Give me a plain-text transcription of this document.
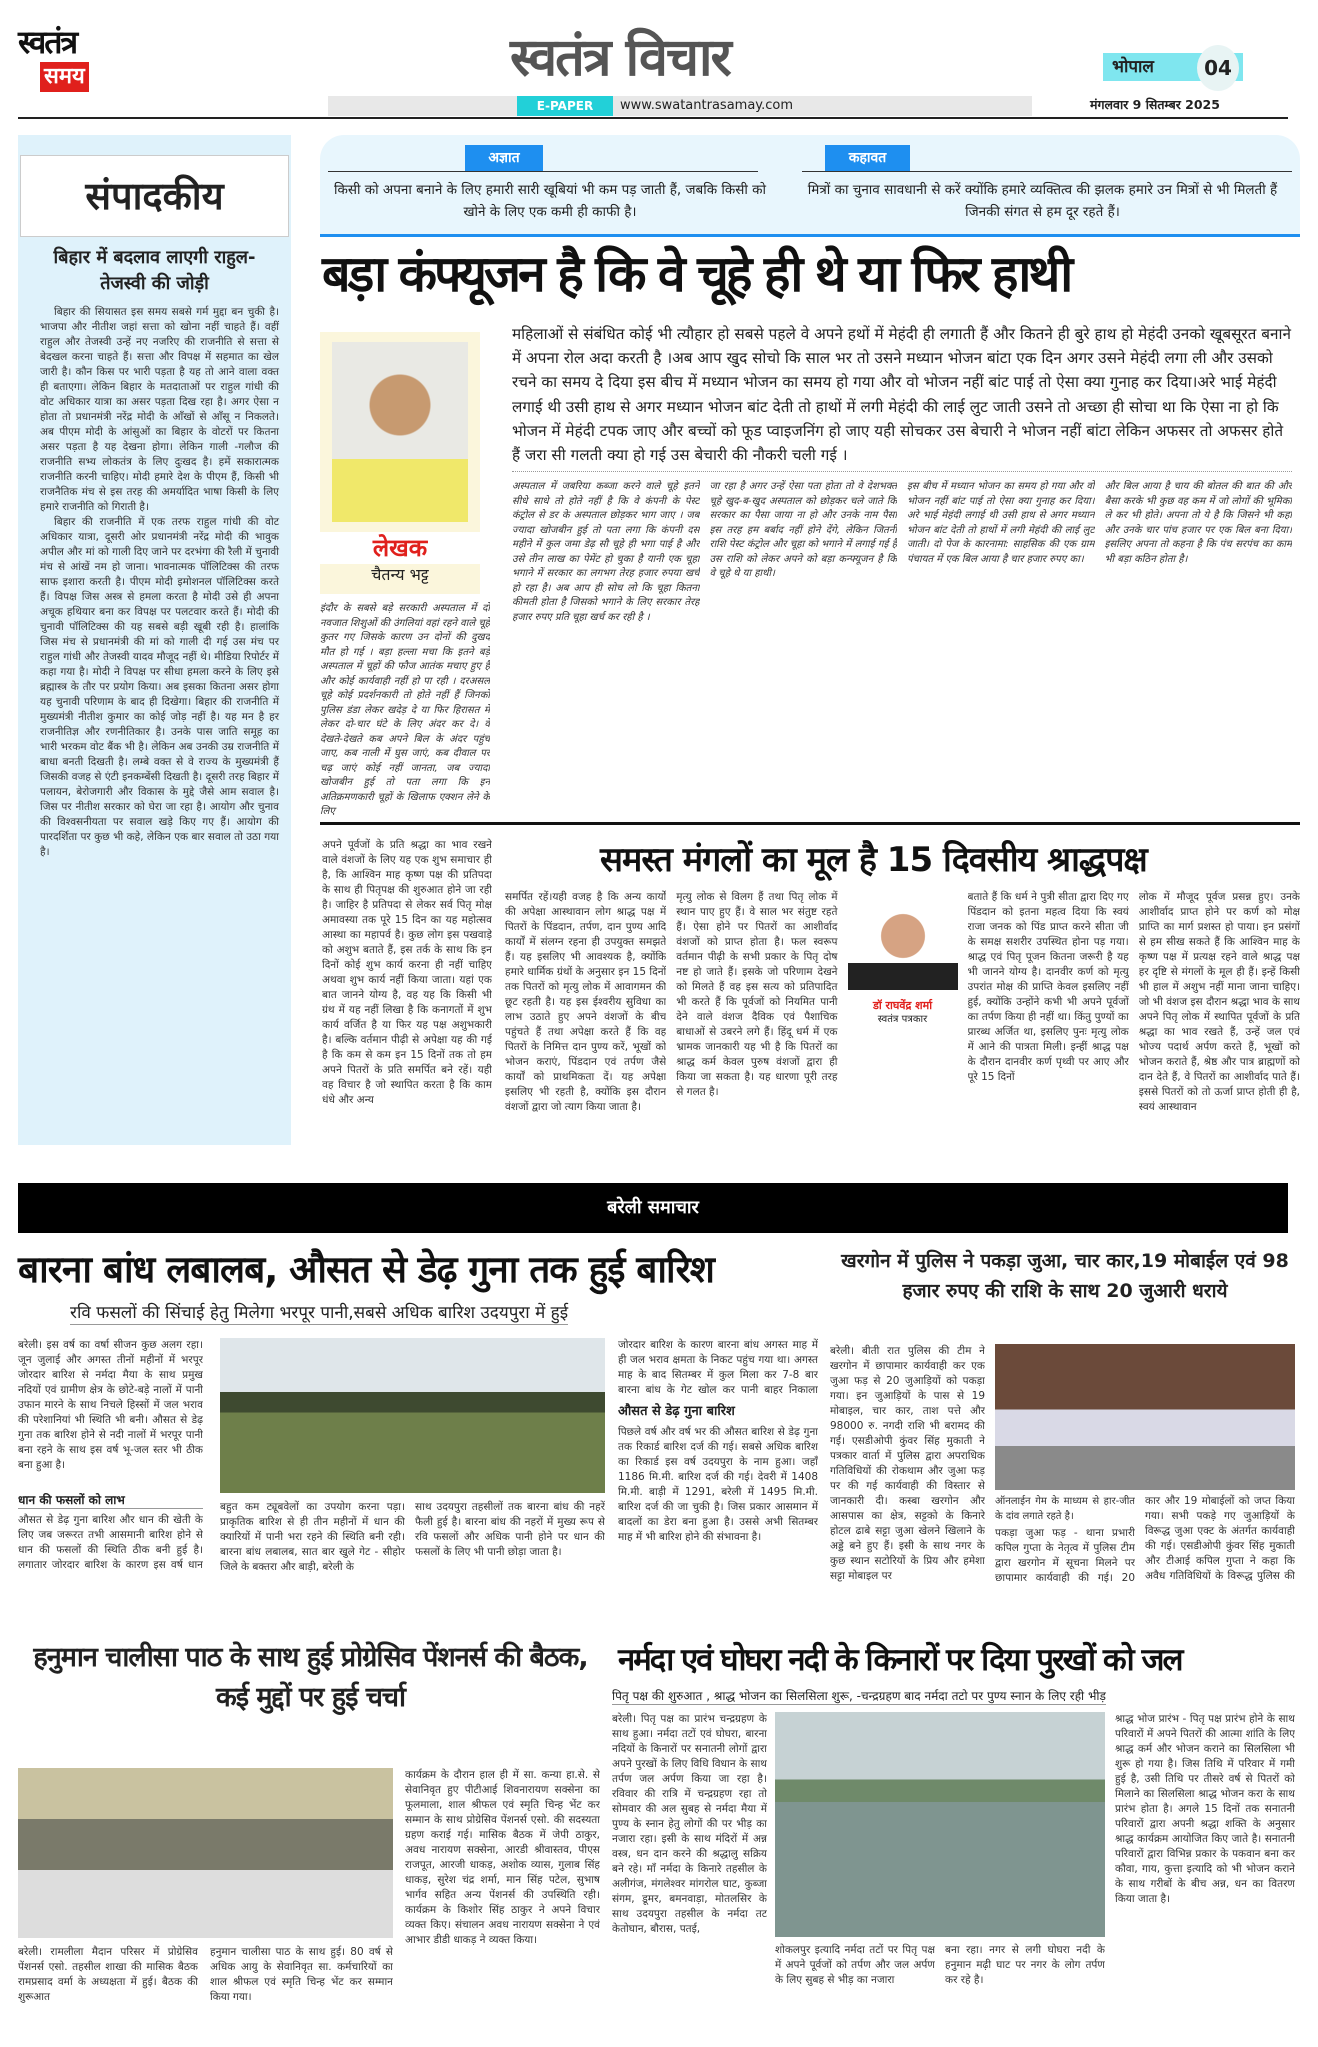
स्वतंत्र
समय	स्वतंत्र विचार
E-PAPER	www.swatantrasamay.com
भोपाल	04
मंगलवार 9 सितम्बर 2025
संपादकीय
बिहार में बदलाव लाएगी राहुल-तेजस्वी की जोड़ी

बिहार की सियासत इस समय सबसे गर्म मुद्दा बन चुकी है। भाजपा और नीतीश जहां सत्ता को खोना नहीं चाहते हैं। वहीं राहुल और तेजस्वी उन्हें नए नजरिए की राजनीति से सत्ता से बेदखल करना चाहते हैं। सत्ता और विपक्ष में सहमात का खेल जारी है। कौन किस पर भारी पड़ता है यह तो आने वाला वक्त ही बताएगा। लेकिन बिहार के मतदाताओं पर राहुल गांधी की वोट अधिकार यात्रा का असर पड़ता दिख रहा है। अगर ऐसा न होता तो प्रधानमंत्री नरेंद्र मोदी के आँखों से आँसू न निकलते। अब पीएम मोदी के आंसुओं का बिहार के वोटरों पर कितना असर पड़ता है यह देखना होगा। लेकिन गाली -गलौज की राजनीति सभ्य लोकतंत्र के लिए दुःखद है। हमें सकारात्मक राजनीति करनी चाहिए। मोदी हमारे देश के पीएम हैं, किसी भी राजनैतिक मंच से इस तरह की अमर्यादित भाषा किसी के लिए हमारे राजनीति को गिराती है।

बिहार की राजनीति में एक तरफ राहुल गांधी की वोट अधिकार यात्रा, दूसरी ओर प्रधानमंत्री नरेंद्र मोदी की भावुक अपील और मां को गाली दिए जाने पर दरभंगा की रैली में चुनावी मंच से आंखें नम हो जाना। भावनात्मक पॉलिटिक्स की तरफ साफ इशारा करती है। पीएम मोदी इमोशनल पॉलिटिक्स करते हैं। विपक्ष जिस अस्त्र से हमला करता है मोदी उसे ही अपना अचूक हथियार बना कर विपक्ष पर पलटवार करते हैं। मोदी की चुनावी पॉलिटिक्स की यह सबसे बड़ी खूबी रही है। हालांकि जिस मंच से प्रधानमंत्री की मां को गाली दी गई उस मंच पर राहुल गांधी और तेजस्वी यादव मौजूद नहीं थे। मीडिया रिपोर्टर में कहा गया है। मोदी ने विपक्ष पर सीधा हमला करने के लिए इसे ब्रह्मास्त्र के तौर पर प्रयोग किया। अब इसका कितना असर होगा यह चुनावी परिणाम के बाद ही दिखेगा। बिहार की राजनीति में मुख्यमंत्री नीतीश कुमार का कोई जोड़ नहीं है। यह मन है हर राजनीतिज्ञ और रणनीतिकार है। उनके पास जाति समूह का भारी भरकम वोट बैंक भी है। लेकिन अब उनकी उम्र राजनीति में बाधा बनती दिखती है। लम्बे वक्त से वे राज्य के मुख्यमंत्री हैं जिसकी वजह से एंटी इनकम्बेंसी दिखती है। दूसरी तरह बिहार में पलायन, बेरोजगारी और विकास के मुद्दे जैसे आम सवाल है। जिस पर नीतीश सरकार को घेरा जा रहा है। आयोग और चुनाव की विश्वसनीयता पर सवाल खड़े किए गए हैं। आयोग की पारदर्शिता पर कुछ भी कहे, लेकिन एक बार सवाल तो उठा गया है।

अज्ञात	कहावत
किसी को अपना बनाने के लिए हमारी सारी खूबियां भी कम पड़ जाती हैं, जबकि किसी को खोने के लिए एक कमी ही काफी है।
मित्रों का चुनाव सावधानी से करें क्योंकि हमारे व्यक्तित्व की झलक हमारे उन मित्रों से भी मिलती हैं जिनकी संगत से हम दूर रहते हैं।
बड़ा कंफ्यूजन है कि वे चूहे ही थे या फिर हाथी
लेखक
चैतन्य भट्ट
इंदौर के सबसे बड़े सरकारी अस्पताल में दो नवजात शिशुओं की उंगलियां वहां रहने वाले चूहे कुतर गए जिसके कारण उन दोनों की दुखद मौत हो गई । बड़ा हल्ला मचा कि इतने बड़े अस्पताल में चूहों की फौज आतंक मचाए हुए हैं और कोई कार्यवाही नहीं हो पा रही । दरअसल चूहे कोई प्रदर्शनकारी तो होते नहीं हैं जिनको पुलिस डंडा लेकर खदेड़ दे या फिर हिरासत में लेकर दो-चार घंटे के लिए अंदर कर दे। वे देखते-देखते कब अपने बिल के अंदर पहुंच जाए, कब नाली में घुस जाएं, कब दीवाल पर चढ़ जाएं कोई नहीं जानता, जब ज्यादा खोजबीन हुई तो पता लगा कि इन अतिक्रमणकारी चूहों के खिलाफ एक्शन लेने के लिए
महिलाओं से संबंधित कोई भी त्यौहार हो सबसे पहले वे अपने हथों में मेहंदी ही लगाती हैं और कितने ही बुरे हाथ हो मेहंदी उनको खूबसूरत बनाने में अपना रोल अदा करती है ।अब आप खुद सोचो कि साल भर तो उसने मध्यान भोजन बांटा एक दिन अगर उसने मेहंदी लगा ली और उसको रचने का समय दे दिया इस बीच में मध्यान भोजन का समय हो गया और वो भोजन नहीं बांट पाई तो ऐसा क्या गुनाह कर दिया।अरे भाई मेहंदी लगाई थी उसी हाथ से अगर मध्यान भोजन बांट देती तो हाथों में लगी मेहंदी की लाई लुट जाती उसने तो अच्छा ही सोचा था कि ऐसा ना हो कि भोजन में मेहंदी टपक जाए और बच्चों को फूड प्वाइजनिंग हो जाए यही सोचकर उस बेचारी ने भोजन नहीं बांटा लेकिन अफसर तो अफसर होते हैं जरा सी गलती क्या हो गई उस बेचारी की नौकरी चली गई ।
अस्पताल में जबरिया कब्जा करने वाले चूहे इतने सीधे साधे तो होते नहीं है कि वे कंपनी के पेस्ट कंट्रोल से डर के अस्पताल छोड़कर भाग जाए । जब ज्यादा खोजबीन हुई तो पता लगा कि कंपनी दस महीने में कुल जमा डेढ़ सौ चूहे ही भगा पाई है और उसे तीन लाख का पेमेंट हो चुका है यानी एक चूहा भगाने में सरकार का लगभग तेरह हजार रुपया खर्च हो रहा है। अब आप ही सोच लो कि चूहा कितना कीमती होता है जिसको भगाने के लिए सरकार तेरह हजार रुपए प्रति चूहा खर्च कर रही है ।
जा रहा है अगर उन्हें ऐसा पता होता तो वे देशभक्त चूहे खुद-ब-खुद अस्पताल को छोड़कर चले जाते कि सरकार का पैसा जाया ना हो और उनके नाम पैसा इस तरह हम बर्बाद नहीं होने देंगे, लेकिन जितनी राशि पेस्ट कंट्रोल और चूहा को भगाने में लगाई गई है उस राशि को लेकर अपने को बड़ा कन्फ्यूजन है कि वे चूहे थे या हाथी।
इस बीच में मध्यान भोजन का समय हो गया और वो भोजन नहीं बांट पाई तो ऐसा क्या गुनाह कर दिया। अरे भाई मेहंदी लगाई थी उसी हाथ से अगर मध्यान भोजन बांट देती तो हाथों में लगी मेहंदी की लाई लुट जाती। दो पेज के कारनामा: साहसिक की एक ग्राम पंचायत में एक बिल आया है चार हजार रुपए का।
और बिल आया है चाय की बोतल की बात की और बैसा करके भी कुछ वह कम में जो लोगों की भूमिका ले कर भी होते। अपना तो ये है कि जिसने भी कहा और उनके चार पांच हजार पर एक बिल बना दिया। इसलिए अपना तो कहना है कि पंच सरपंच का काम भी बड़ा कठिन होता है।
अपने पूर्वजों के प्रति श्रद्धा का भाव रखने वाले वंशजों के लिए यह एक शुभ समाचार ही है, कि आश्विन माह कृष्ण पक्ष की प्रतिपदा के साथ ही पितृपक्ष की शुरुआत होने जा रही है। जाहिर है प्रतिपदा से लेकर सर्व पितृ मोक्ष अमावस्या तक पूरे 15 दिन का यह महोत्सव आस्था का महापर्व है। कुछ लोग इस पखवाड़े को अशुभ बताते हैं, इस तर्क के साथ कि इन दिनों कोई शुभ कार्य करना ही नहीं चाहिए अथवा शुभ कार्य नहीं किया जाता। यहां एक बात जानने योग्य है, वह यह कि किसी भी ग्रंथ में यह नहीं लिखा है कि कनागतों में शुभ कार्य वर्जित है या फिर यह पक्ष अशुभकारी है। बल्कि वर्तमान पीढ़ी से अपेक्षा यह की गई है कि कम से कम इन 15 दिनों तक तो हम अपने पितरों के प्रति समर्पित बने रहें। यही वह विचार है जो स्थापित करता है कि काम धंधे और अन्य
समस्त मंगलों का मूल है 15 दिवसीय श्राद्धपक्ष
समर्पित रहें।यही वजह है कि अन्य कार्यों की अपेक्षा आस्थावान लोग श्राद्ध पक्ष में पितरों के पिंडदान, तर्पण, दान पुण्य आदि कार्यों में संलग्न रहना ही उपयुक्त समझते हैं। यह इसलिए भी आवश्यक है, क्योंकि हमारे धार्मिक ग्रंथों के अनुसार इन 15 दिनों तक पितरों को मृत्यु लोक में आवागमन की छूट रहती है। यह इस ईश्वरीय सुविधा का लाभ उठाते हुए अपने वंशजों के बीच पहुंचते हैं तथा अपेक्षा करते हैं कि वह पितरों के निमित्त दान पुण्य करें, भूखों को भोजन कराएं, पिंडदान एवं तर्पण जैसे कार्यों को प्राथमिकता दें। यह अपेक्षा इसलिए भी रहती है, क्योंकि इस दौरान वंशजों द्वारा जो त्याग किया जाता है।
मृत्यु लोक से विलग हैं तथा पितृ लोक में स्थान पाए हुए हैं। वे साल भर संतुष्ट रहते हैं। ऐसा होने पर पितरों का आशीर्वाद वंशजों को प्राप्त होता है। फल स्वरूप वर्तमान पीढ़ी के सभी प्रकार के पितृ दोष नष्ट हो जाते हैं। इसके जो परिणाम देखने को मिलते हैं वह इस सत्य को प्रतिपादित भी करते हैं कि पूर्वजों को नियमित पानी देने वाले वंशज दैविक एवं पैशाचिक बाधाओं से उबरने लगे हैं। हिंदू धर्म में एक भ्रामक जानकारी यह भी है कि पितरों का श्राद्ध कर्म केवल पुरुष वंशजों द्वारा ही किया जा सकता है। यह धारणा पूरी तरह से गलत है।
डॉ राघवेंद्र शर्मा
स्वतंत्र पत्रकार
बताते हैं कि धर्म ने पुत्री सीता द्वारा दिए गए पिंडदान को इतना महत्व दिया कि स्वयं राजा जनक को पिंड प्राप्त करने सीता जी के समक्ष सशरीर उपस्थित होना पड़ गया। श्राद्ध एवं पितृ पूजन कितना जरूरी है यह भी जानने योग्य है। दानवीर कर्ण को मृत्यु उपरांत मोक्ष की प्राप्ति केवल इसलिए नहीं हुई, क्योंकि उन्होंने कभी भी अपने पूर्वजों का तर्पण किया ही नहीं था। किंतु पुण्यों का प्रारब्ध अर्जित था, इसलिए पुनः मृत्यु लोक में आने की पात्रता मिली। इन्हीं श्राद्ध पक्ष के दौरान दानवीर कर्ण पृथ्वी पर आए और पूरे 15 दिनों
लोक में मौजूद पूर्वज प्रसन्न हुए। उनके आशीर्वाद प्राप्त होने पर कर्ण को मोक्ष प्राप्ति का मार्ग प्रशस्त हो पाया। इन प्रसंगों से हम सीख सकते हैं कि आश्विन माह के कृष्ण पक्ष में प्रत्यक्ष रहने वाले श्राद्ध पक्ष हर दृष्टि से मंगलों के मूल ही हैं। इन्हें किसी भी हाल में अशुभ नहीं माना जाना चाहिए। जो भी वंशज इस दौरान श्रद्धा भाव के साथ अपने पितृ लोक में स्थापित पूर्वजों के प्रति श्रद्धा का भाव रखते हैं, उन्हें जल एवं भोज्य पदार्थ अर्पण करते हैं, भूखों को भोजन कराते हैं, श्रेष्ठ और पात्र ब्राह्मणों को दान देते हैं, वे पितरों का आशीर्वाद पाते हैं। इससे पितरों को तो ऊर्जा प्राप्त होती ही है, स्वयं आस्थावान
बरेली समाचार
बारना बांध लबालब, औसत से डेढ़ गुना तक हुई बारिश
रवि फसलों की सिंचाई हेतु मिलेगा भरपूर पानी,सबसे अधिक बारिश उदयपुरा में हुई
बरेली। इस वर्ष का वर्षा सीजन कुछ अलग रहा। जून जुलाई और अगस्त तीनों महीनों में भरपूर जोरदार बारिश से नर्मदा मैया के साथ प्रमुख नदियों एवं ग्रामीण क्षेत्र के छोटे-बड़े नालों में पानी उफान मारने के साथ निचले हिस्सों में जल भराव की परेशानियां भी स्थिति भी बनी। औसत से डेढ़ गुना तक बारिश होने से नदी नालों में भरपूर पानी बना रहने के साथ इस वर्ष भू-जल स्तर भी ठीक बना हुआ है।
धान की फसलों को लाभ
औसत से डेढ़ गुना बारिश और धान की खेती के लिए जब जरूरत तभी आसमानी बारिश होने से धान की फसलों की स्थिति ठीक बनी हुई है। लगातार जोरदार बारिश के कारण इस वर्ष धान
बहुत कम ट्यूबवेलों का उपयोग करना पड़ा। प्राकृतिक बारिश से ही तीन महीनों में धान की क्यारियों में पानी भरा रहने की स्थिति बनी रही। बारना बांध लबालब, सात बार खुले गेट - सीहोर जिले के बक्तरा और बाड़ी, बरेली के
साथ उदयपुरा तहसीलों तक बारना बांध की नहरें फैली हुई है। बारना बांध की नहरों में मुख्य रूप से रवि फसलों और अधिक पानी होने पर धान की फसलों के लिए भी पानी छोड़ा जाता है।
जोरदार बारिश के कारण बारना बांध अगस्त माह में ही जल भराव क्षमता के निकट पहुंच गया था। अगस्त माह के बाद सितम्बर में कुल मिला कर 7-8 बार बारना बांध के गेट खोल कर पानी बाहर निकाला
औसत से डेढ़ गुना बारिश
पिछले वर्ष और वर्ष भर की औसत बारिश से डेढ़ गुना तक रिकार्ड बारिश दर्ज की गई। सबसे अधिक बारिश का रिकार्ड इस वर्ष उदयपुरा के नाम हुआ। जहाँ 1186 मि.मी. बारिश दर्ज की गई। देवरी में 1408 मि.मी. बाड़ी में 1291, बरेली में 1495 मि.मी. बारिश दर्ज की जा चुकी है। जिस प्रकार आसमान में बादलों का डेरा बना हुआ है। उससे अभी सितम्बर माह में भी बारिश होने की संभावना है।
खरगोन में पुलिस ने पकड़ा जुआ, चार कार,19 मोबाईल एवं 98 हजार रुपए की राशि के साथ 20 जुआरी धराये
बरेली। बीती रात पुलिस की टीम ने खरगोन में छापामार कार्यवाही कर एक जुआ फड़ से 20 जुआड़ियों को पकड़ा गया। इन जुआड़ियों के पास से 19 मोबाइल, चार कार, ताश पत्ते और 98000 रु. नगदी राशि भी बरामद की गई। एसडीओपी कुंवर सिंह मुकाती ने पत्रकार वार्ता में पुलिस द्वारा अपराधिक गतिविधियों की रोकथाम और जुआ फड़ पर की गई कार्यवाही की विस्तार से जानकारी दी। कस्बा खरगोन और आसपास का क्षेत्र, सट्टको के किनारे होटल ढाबे सट्टा जुआ खेलने खिलाने के अड्डे बने हुए हैं। इसी के साथ नगर के कुछ स्थान सटोरियों के प्रिय और हमेशा सट्टा मोबाइल पर
ऑनलाईन गेम के माध्यम से हार-जीत के दांव लगाते रहते है।
पकड़ा जुआ फड़ - थाना प्रभारी कपिल गुप्ता के नेतृत्व में पुलिस टीम द्वारा खरगोन में सूचना मिलने पर छापामार कार्यवाही की गई। 20
कार और 19 मोबाईलों को जप्त किया गया। सभी पकड़े गए जुआड़ियों के विरूद्ध जुआ एक्ट के अंतर्गत कार्यवाही की गई। एसडीओपी कुंवर सिंह मुकाती और टीआई कपिल गुप्ता ने कहा कि अवैध गतिविधियों के विरूद्ध पुलिस की
हनुमान चालीसा पाठ के साथ हुई प्रोग्रेसिव पेंशनर्स की बैठक, कई मुद्दों पर हुई चर्चा
बरेली। रामलीला मैदान परिसर में प्रोग्रेसिव पेंशनर्स एसो. तहसील शाखा की मासिक बैठक रामप्रसाद वर्मा के अध्यक्षता में हुई। बैठक की शुरूआत
हनुमान चालीसा पाठ के साथ हुई। 80 वर्ष से अधिक आयु के सेवानिवृत सा. कर्मचारियों का शाल श्रीफल एवं स्मृति चिन्ह भेंट कर सम्मान किया गया।
कार्यक्रम के दौरान हाल ही में सा. कन्या हा.से. से सेवानिवृत हुए पीटीआई शिवनारायण सक्सेना का फूलमाला, शाल श्रीफल एवं स्मृति चिन्ह भेंट कर सम्मान के साथ प्रोग्रेसिव पेंशनर्स एसो. की सदस्यता ग्रहण कराई गई। मासिक बैठक में जेपी ठाकुर, अवध नारायण सक्सेना, आरडी श्रीवास्तव, पीएस राजपूत, आरजी धाकड़, अशोक व्यास, गुलाब सिंह धाकड़, सुरेश चंद्र शर्मा, मान सिंह पटेल, सुभाष भार्गव सहित अन्य पेंशनर्स की उपस्थिति रही। कार्यक्रम के किशोर सिंह ठाकुर ने अपने विचार व्यक्त किए। संचालन अवध नारायण सक्सेना ने एवं आभार डीडी धाकड़ ने व्यक्त किया।
नर्मदा एवं घोघरा नदी के किनारों पर दिया पुरखों को जल
पितृ पक्ष की शुरुआत , श्राद्ध भोजन का सिलसिला शुरू, -चन्द्रग्रहण बाद नर्मदा तटो पर पुण्य स्नान के लिए रही भीड़
बरेली। पितृ पक्ष का प्रारंभ चन्द्रग्रहण के साथ हुआ। नर्मदा तटों एवं घोघरा, बारना नदियों के किनारों पर सनातनी लोगों द्वारा अपने पुरखों के लिए विधि विधान के साथ तर्पण जल अर्पण किया जा रहा है। रविवार की रात्रि में चन्द्रग्रहण रहा तो सोमवार की अल सुबह से नर्मदा मैया में पुण्य के स्नान हेतु लोगों की पर भीड़ का नजारा रहा। इसी के साथ मंदिरों में अन्न वस्त्र, धन दान करने की श्रद्धालु सक्रिय बने रहे। माँ नर्मदा के किनारे तहसील के अलीगंज, मंगलेश्वर मांगरोल घाट, कुब्जा संगम, डूमर, बमनवाड़ा, मोतलसिर के साथ उदयपुरा तहसील के नर्मदा तट केतोघान, बौरास, पतई,
शोकलपुर इत्यादि नर्मदा तटों पर पितृ पक्ष में अपने पूर्वजों को तर्पण और जल अर्पण के लिए सुबह से भीड़ का नजारा
बना रहा। नगर से लगी घोघरा नदी के हनुमान मढ़ी घाट पर नगर के लोग तर्पण कर रहे है।
श्राद्ध भोज प्रारंभ - पितृ पक्ष प्रारंभ होने के साथ परिवारों में अपने पितरों की आत्मा शांति के लिए श्राद्ध कर्म और भोजन कराने का सिलसिला भी शुरू हो गया है। जिस तिथि में परिवार में गमी हुई है, उसी तिथि पर तीसरे वर्ष से पितरों को मिलाने का सिलसिला श्राद्ध भोजन करा के साथ प्रारंभ होता है। अगले 15 दिनों तक सनातनी परिवारों द्वारा अपनी श्रद्धा शक्ति के अनुसार श्राद्ध कार्यक्रम आयोजित किए जाते है। सनातनी परिवारों द्वारा विभिन्न प्रकार के पकवान बना कर कौवा, गाय, कुत्ता इत्यादि को भी भोजन कराने के साथ गरीबों के बीच अन्न, धन का वितरण किया जाता है।
